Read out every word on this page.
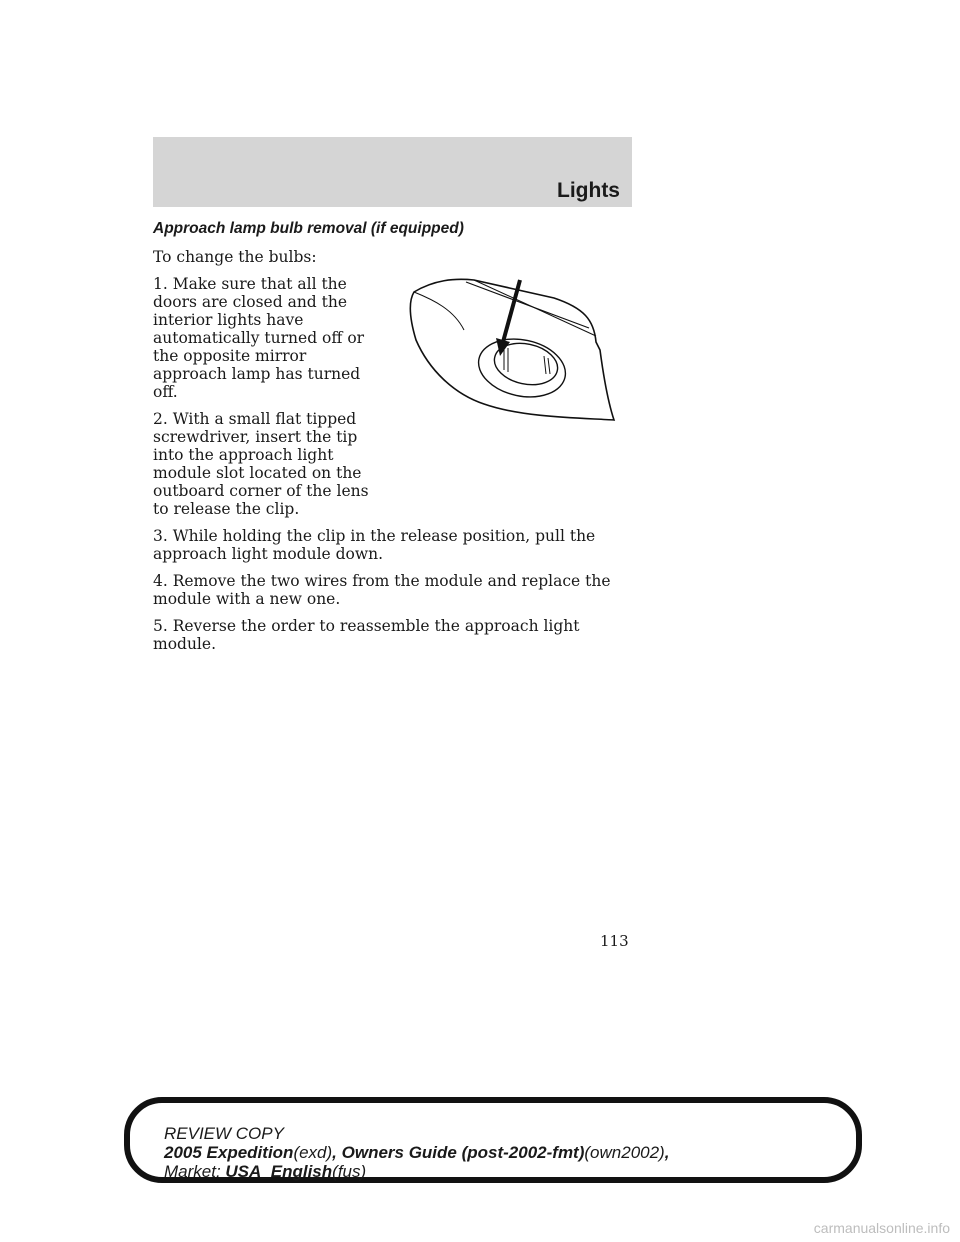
Lights

Approach lamp bulb removal (if equipped)

To change the bulbs:

1. Make sure that all the doors are closed and the interior lights have automatically turned off or the opposite mirror approach lamp has turned off.

2. With a small flat tipped screwdriver, insert the tip into the approach light module slot located on the outboard corner of the lens to release the clip.

3. While holding the clip in the release position, pull the approach light module down.

4. Remove the two wires from the module and replace the module with a new one.

5. Reverse the order to reassemble the approach light module.

113
REVIEW COPY
2005 Expedition(exd), Owners Guide (post-2002-fmt)(own2002),
Market: USA_English(fus)
carmanualsonline.info
